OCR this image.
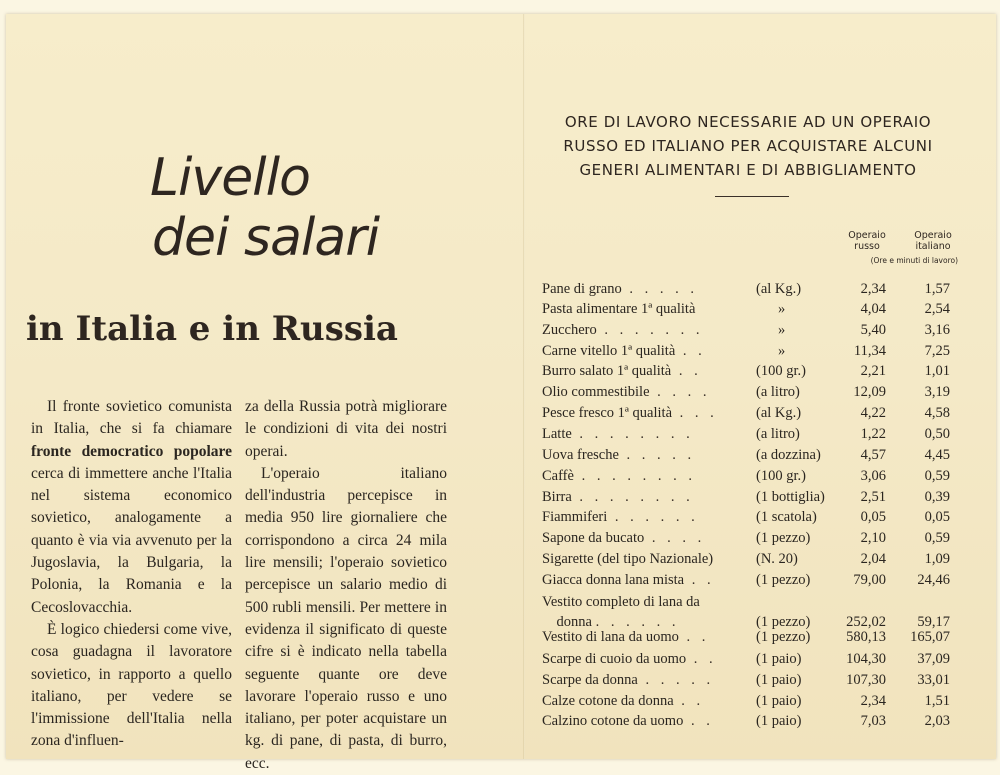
Livello
dei salari
in Italia e in Russia

Il fronte sovietico comunista in Italia, che si fa chiamare fronte democratico popolare cerca di immettere anche l'Italia nel sistema economico sovietico, analogamente a quanto è via via avvenuto per la Jugoslavia, la Bulgaria, la Polonia, la Romania e la Cecoslovacchia.

È logico chiedersi come vive, cosa guadagna il lavoratore sovietico, in rapporto a quello italiano, per vedere se l'immissione dell'Italia nella zona d'influen-

za della Russia potrà migliorare le condizioni di vita dei nostri operai.

L'operaio italiano dell'industria percepisce in media 950 lire giornaliere che corrispondono a circa 24 mila lire mensili; l'operaio sovietico percepisce un salario medio di 500 rubli mensili. Per mettere in evidenza il significato di queste cifre si è indicato nella tabella seguente quante ore deve lavorare l'operaio russo e uno italiano, per poter acquistare un kg. di pane, di pasta, di burro, ecc.

ORE DI LAVORO NECESSARIE AD UN OPERAIO
RUSSO ED ITALIANO PER ACQUISTARE ALCUNI
GENERI ALIMENTARI E DI ABBIGLIAMENTO
Operaio russo
Operaio italiano
(Ore e minuti di lavoro)
Pane di grano . . . . .	(al Kg.)	2,34	1,57
Pasta alimentare 1ª qualità	»	4,04	2,54
Zucchero . . . . . . .	»	5,40	3,16
Carne vitello 1ª qualità . .	»	11,34	7,25
Burro salato 1ª qualità . .	(100 gr.)	2,21	1,01
Olio commestibile . . . .	(a litro)	12,09	3,19
Pesce fresco 1ª qualità . . .	(al Kg.)	4,22	4,58
Latte . . . . . . . .	(a litro)	1,22	0,50
Uova fresche . . . . .	(a dozzina)	4,57	4,45
Caffè . . . . . . . .	(100 gr.)	3,06	0,59
Birra . . . . . . . .	(1 bottiglia)	2,51	0,39
Fiammiferi . . . . . .	(1 scatola)	0,05	0,05
Sapone da bucato . . . .	(1 pezzo)	2,10	0,59
Sigarette (del tipo Nazionale)	(N. 20)	2,04	1,09
Giacca donna lana mista . .	(1 pezzo)	79,00	24,46
Vestito completo di lana da
donna . . . . . .	(1 pezzo)	252,02	59,17
Vestito di lana da uomo . .	(1 pezzo)	580,13	165,07
Scarpe di cuoio da uomo . .	(1 paio)	104,30	37,09
Scarpe da donna . . . . .	(1 paio)	107,30	33,01
Calze cotone da donna . .	(1 paio)	2,34	1,51
Calzino cotone da uomo . .	(1 paio)	7,03	2,03
